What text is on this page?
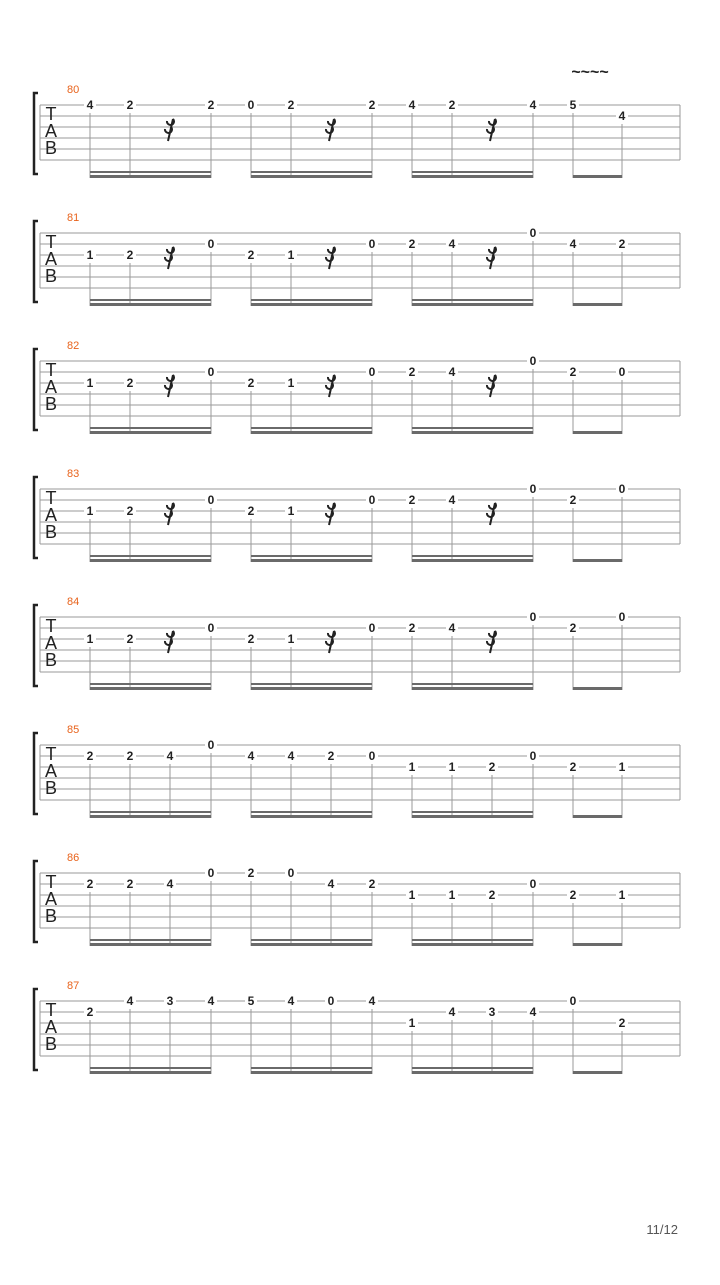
T
A
B
80
~~~~
4	2	2	0	2	2	4	2	4	5
4
T
A
B
81
1	2
0
2	1
0	2	4
0
4	2
T
A
B
82
1	2
0
2	1
0	2	4
0
2	0
T
A
B
83
1	2
0
2	1
0	2	4
0
2
0
T
A
B
84
1	2
0
2	1
0	2	4
0
2
0
T
A
B
85
2	2	4
0
4	4	2	0
1	1	2
0
2	1
T
A
B
86
2	2	4
0	2	0
4	2
1	1	2
0
2	1
T
A
B
87
2
4	3	4	5	4	0	4
1
4	3	4
0
2
11/12
